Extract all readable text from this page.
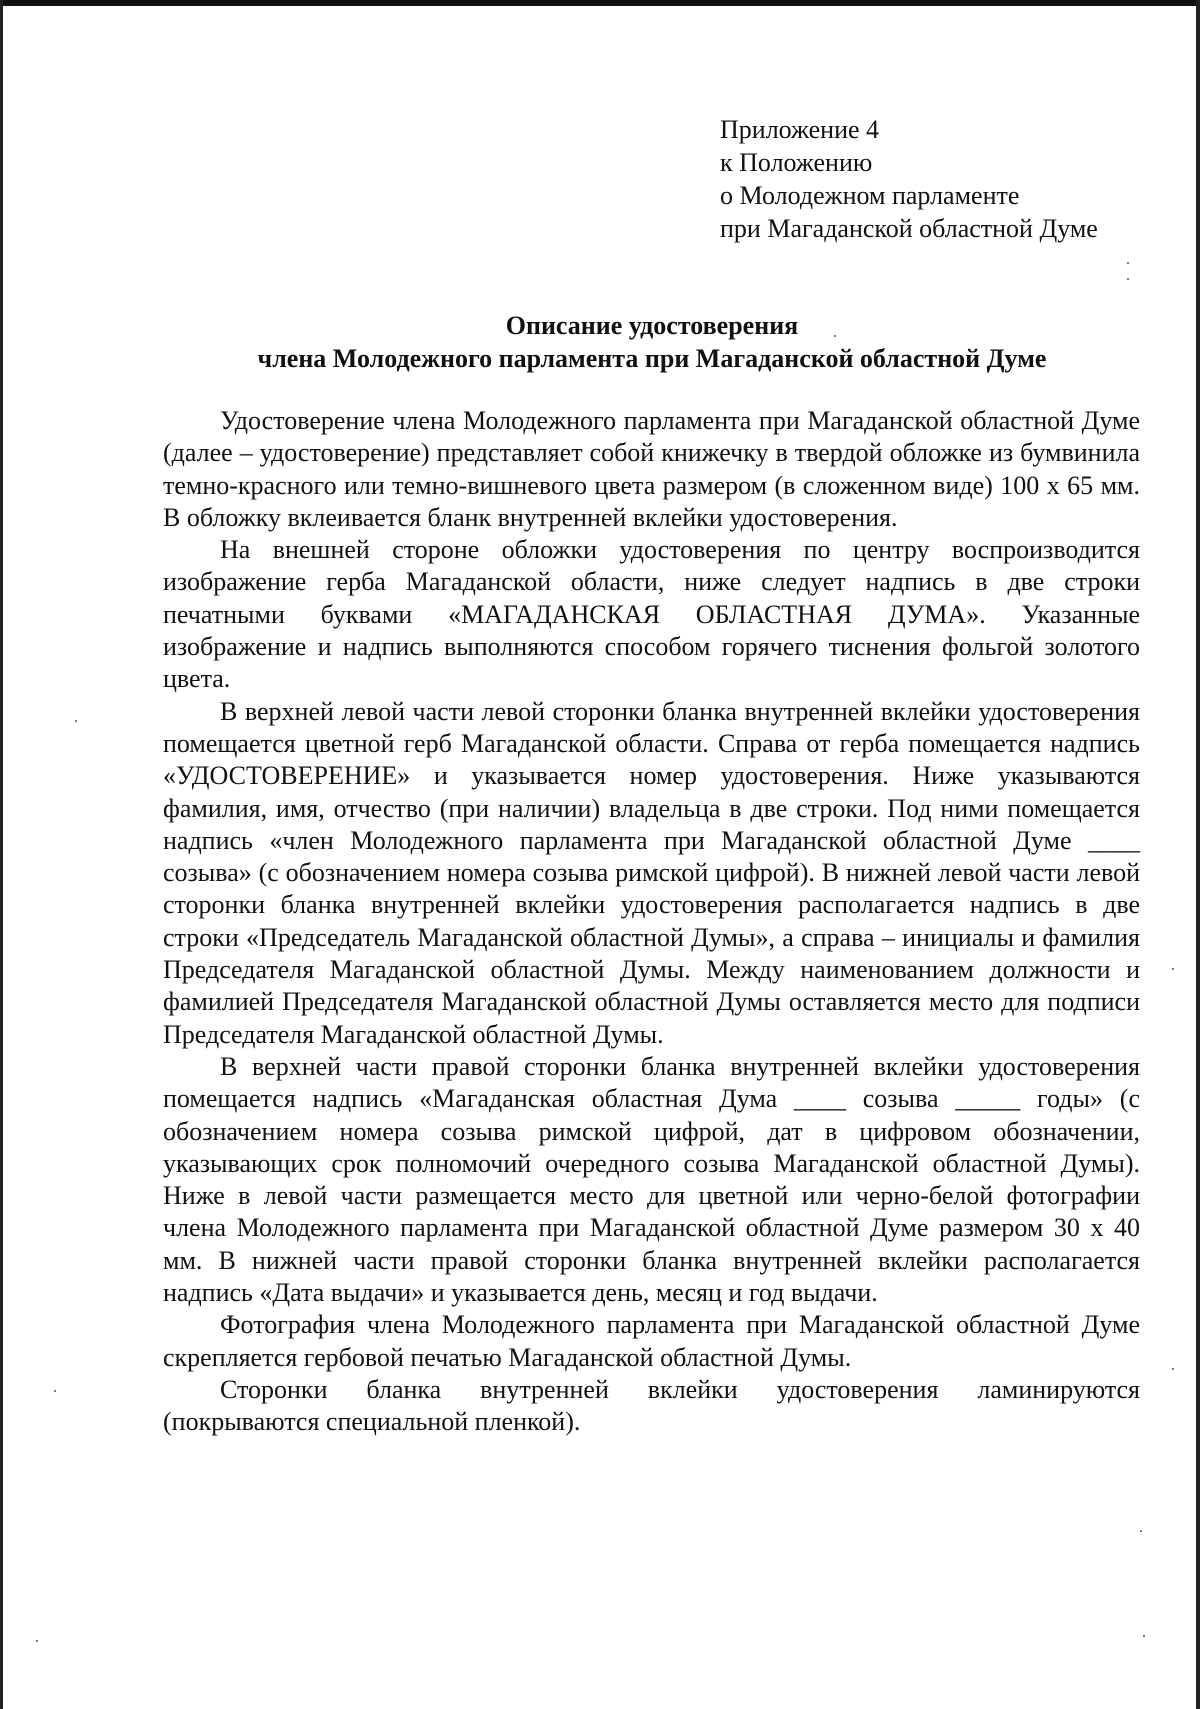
Приложение 4
к Положению
о Молодежном парламенте
при Магаданской областной Думе
Описание удостоверения
члена Молодежного парламента при Магаданской областной Думе

Удостоверение члена Молодежного парламента при Магаданской областной Думе (далее – удостоверение) представляет собой книжечку в твердой обложке из бумвинила темно-красного или темно-вишневого цвета размером (в сложенном виде) 100 х 65 мм. В обложку вклеивается бланк внутренней вклейки удостоверения.

На внешней стороне обложки удостоверения по центру воспроизводится изображение герба Магаданской области, ниже следует надпись в две строки печатными буквами «МАГАДАНСКАЯ ОБЛАСТНАЯ ДУМА». Указанные изображение и надпись выполняются способом горячего тиснения фольгой золотого цвета.

В верхней левой части левой сторонки бланка внутренней вклейки удостоверения помещается цветной герб Магаданской области. Справа от герба помещается надпись «УДОСТОВЕРЕНИЕ» и указывается номер удостоверения. Ниже указываются фамилия, имя, отчество (при наличии) владельца в две строки. Под ними помещается надпись «член Молодежного парламента при Магаданской областной Думе ____ созыва» (с обозначением номера созыва римской цифрой). В нижней левой части левой сторонки бланка внутренней вклейки удостоверения располагается надпись в две строки «Председатель Магаданской областной Думы», а справа – инициалы и фамилия Председателя Магаданской областной Думы. Между наименованием должности и фамилией Председателя Магаданской областной Думы оставляется место для подписи Председателя Магаданской областной Думы.

В верхней части правой сторонки бланка внутренней вклейки удостоверения помещается надпись «Магаданская областная Дума ____ созыва _____ годы» (с обозначением номера созыва римской цифрой, дат в цифровом обозначении, указывающих срок полномочий очередного созыва Магаданской областной Думы). Ниже в левой части размещается место для цветной или черно-белой фотографии члена Молодежного парламента при Магаданской областной Думе размером 30 х 40 мм. В нижней части правой сторонки бланка внутренней вклейки располагается надпись «Дата выдачи» и указывается день, месяц и год выдачи.

Фотография члена Молодежного парламента при Магаданской областной Думе скрепляется гербовой печатью Магаданской областной Думы.

Сторонки бланка внутренней вклейки удостоверения ламинируются (покрываются специальной пленкой).
